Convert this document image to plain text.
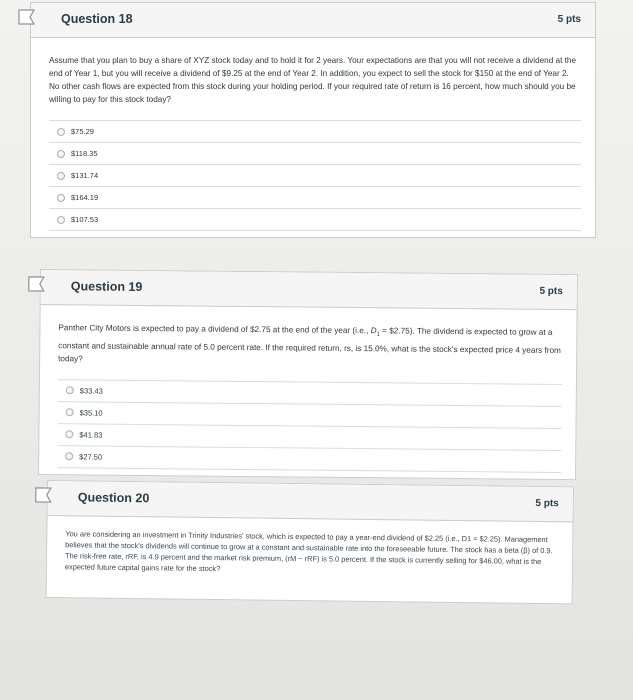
Question 18	5 pts

Assume that you plan to buy a share of XYZ stock today and to hold it for 2 years. Your expectations are that you will not receive a dividend at the end of Year 1, but you will receive a dividend of $9.25 at the end of Year 2. In addition, you expect to sell the stock for $150 at the end of Year 2. No other cash flows are expected from this stock during your holding period. If your required rate of return is 16 percent, how much should you be willing to pay for this stock today?

$75.29
$118.35
$131.74
$164.19
$107.53
Question 19	5 pts

Panther City Motors is expected to pay a dividend of $2.75 at the end of the year (i.e., $D_1$ = $2.75). The dividend is expected to grow at a constant and sustainable annual rate of 5.0 percent rate. If the required return, rs, is 15.0%, what is the stock's expected price 4 years from today?

$33.43
$35.10
$41.83
$27.50
Question 20	5 pts

You are considering an investment in Trinity Industries' stock, which is expected to pay a year-end dividend of $2.25 (i.e., D1 = $2.25). Management believes that the stock's dividends will continue to grow at a constant and sustainable rate into the foreseeable future. The stock has a beta (β) of 0.9. The risk-free rate, rRF, is 4.9 percent and the market risk premium, (rM − rRF) is 5.0 percent. If the stock is currently selling for $46.00, what is the expected future capital gains rate for the stock?
